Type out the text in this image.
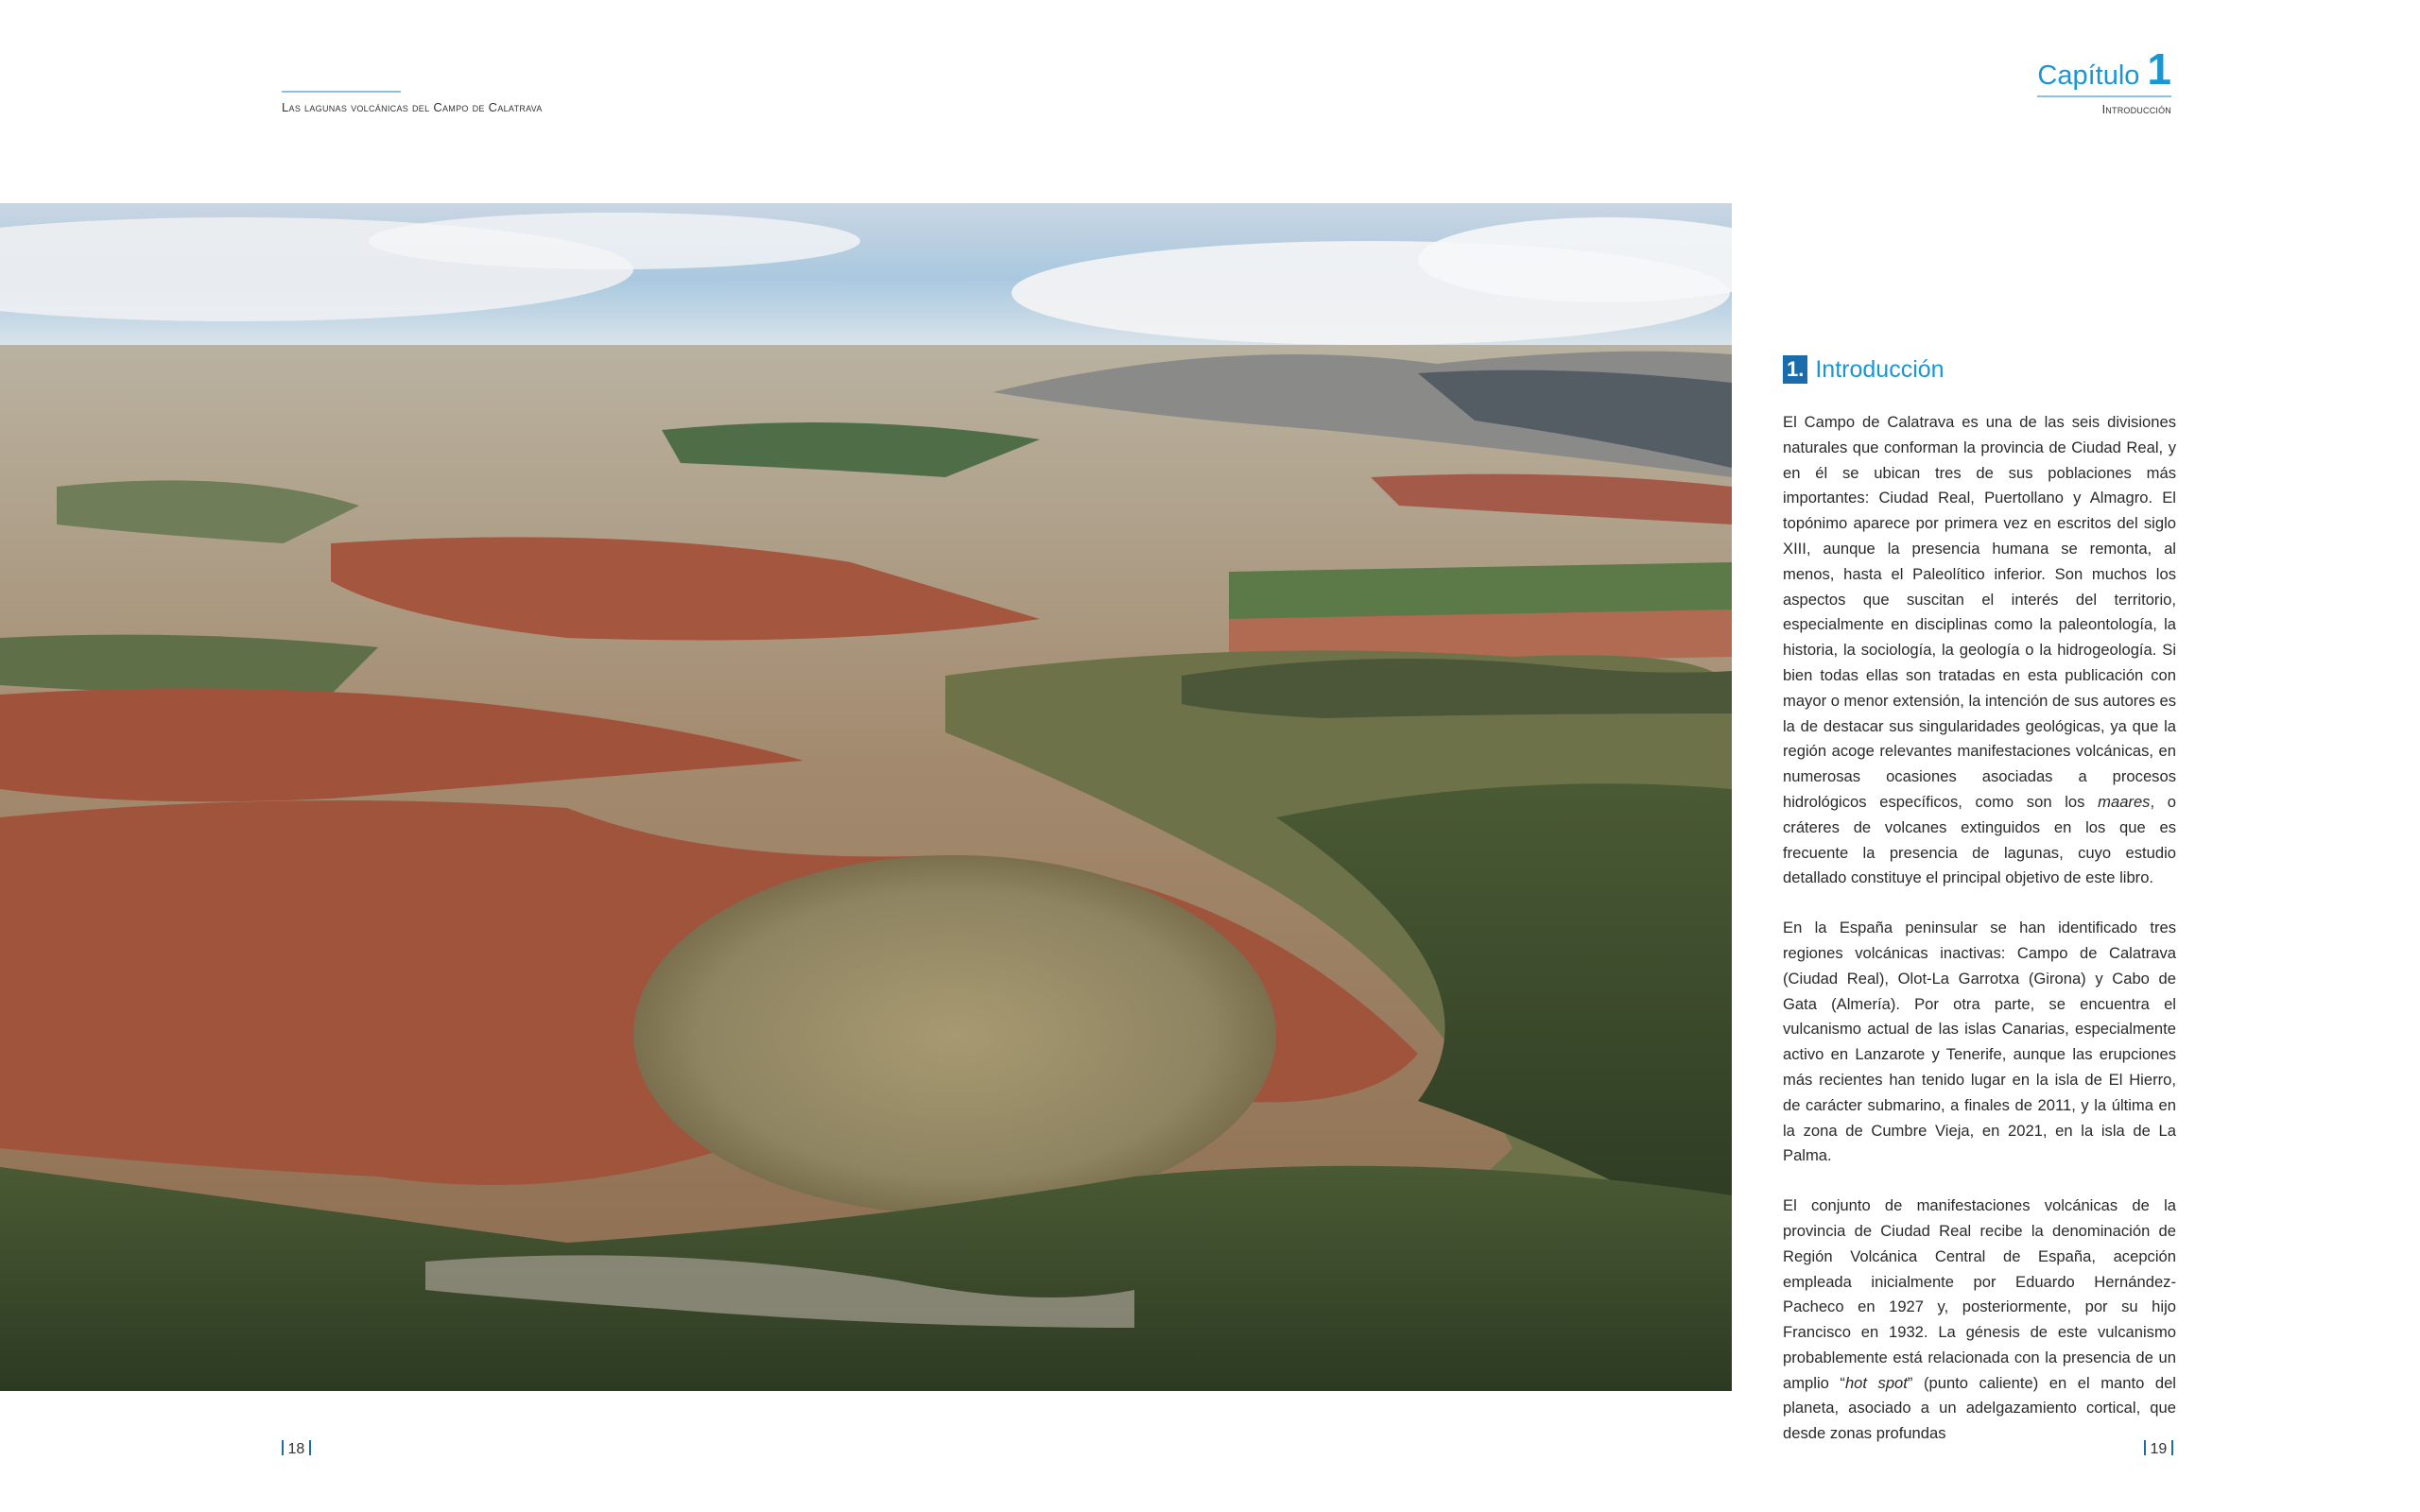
Las lagunas volcánicas del Campo de Calatrava
Capítulo 1
Introducción
1. Introducción

El Campo de Calatrava es una de las seis divisiones naturales que conforman la provincia de Ciudad Real, y en él se ubican tres de sus poblaciones más importantes: Ciudad Real, Puertollano y Almagro. El topónimo aparece por primera vez en escritos del siglo XIII, aunque la presencia humana se remonta, al menos, hasta el Paleolítico inferior. Son muchos los aspectos que suscitan el interés del territorio, especialmente en disciplinas como la paleontología, la historia, la sociología, la geología o la hidrogeología. Si bien todas ellas son tratadas en esta publicación con mayor o menor extensión, la intención de sus autores es la de destacar sus singularidades geológicas, ya que la región acoge relevantes manifestaciones volcánicas, en numerosas ocasiones asociadas a procesos hidrológicos específicos, como son los maares, o cráteres de volcanes extinguidos en los que es frecuente la presencia de lagunas, cuyo estudio detallado constituye el principal objetivo de este libro.

En la España peninsular se han identificado tres regiones volcánicas inactivas: Campo de Calatrava (Ciudad Real), Olot-La Garrotxa (Girona) y Cabo de Gata (Almería). Por otra parte, se encuentra el vulcanismo actual de las islas Canarias, especialmente activo en Lanzarote y Tenerife, aunque las erupciones más recientes han tenido lugar en la isla de El Hierro, de carácter submarino, a finales de 2011, y la última en la zona de Cumbre Vieja, en 2021, en la isla de La Palma.

El conjunto de manifestaciones volcánicas de la provincia de Ciudad Real recibe la denominación de Región Volcánica Central de España, acepción empleada inicialmente por Eduardo Hernández-Pacheco en 1927 y, posteriormente, por su hijo Francisco en 1932. La génesis de este vulcanismo probablemente está relacionada con la presencia de un amplio “hot spot” (punto caliente) en el manto del planeta, asociado a un adelgazamiento cortical, que desde zonas profundas

18	19
